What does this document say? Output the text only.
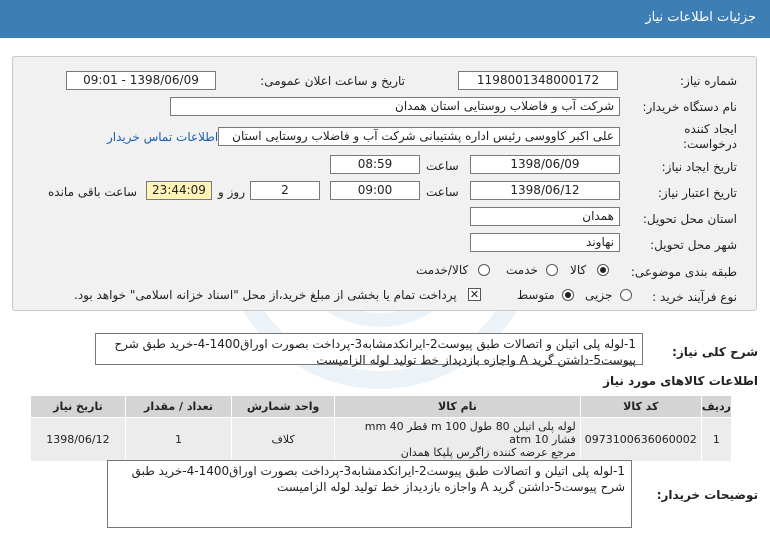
جزئیات اطلاعات نیاز
شماره نیاز:
1198001348000172
تاریخ و ساعت اعلان عمومی:
1398/06/09 - 09:01
نام دستگاه خریدار:
شرکت آب و فاضلاب روستایی استان همدان
ایجاد کننده
درخواست:
علی اکبر کاووسی رئیس اداره پشتیبانی شرکت آب و فاضلاب روستایی استان
اطلاعات تماس خریدار
تاریخ ایجاد نیاز:
1398/06/09
ساعت
08:59
تاریخ اعتبار نیاز:
1398/06/12
ساعت
09:00
2
روز و
23:44:09
ساعت باقی مانده
استان محل تحویل:
همدان
شهر محل تحویل:
نهاوند
طبقه بندی موضوعی:
کالا
خدمت
کالا/خدمت
نوع فرآیند خرید :
جزیی
متوسط
✕
پرداخت تمام یا بخشی از مبلغ خرید،از محل "اسناد خزانه اسلامی" خواهد بود.
شرح کلی نیاز:
1-لوله پلی اتیلن و اتصالات طبق پیوست2-ایرانکدمشابه3-پرداخت بصورت اوراق1400-4-خرید طبق شرح پیوست5-داشتن گرید A واجازه بازدیداز خط تولید لوله الزامیست
اطلاعات کالاهای مورد نیاز
ردیف	کد کالا	نام کالا	واحد شمارش	تعداد / مقدار	تاریخ نیاز
1	0973100636060002	لوله پلی اتیلن 80 طول m 100 قطر mm 40 فشار atm 10
مرجع عرضه کننده زاگرس پلیکا همدان	کلاف	1	1398/06/12
توضیحات خریدار:
1-لوله پلی اتیلن و اتصالات طبق پیوست2-ایرانکدمشابه3-پرداخت بصورت اوراق1400-4-خرید طبق شرح پیوست5-داشتن گرید A واجازه بازدیداز خط تولید لوله الزامیست
